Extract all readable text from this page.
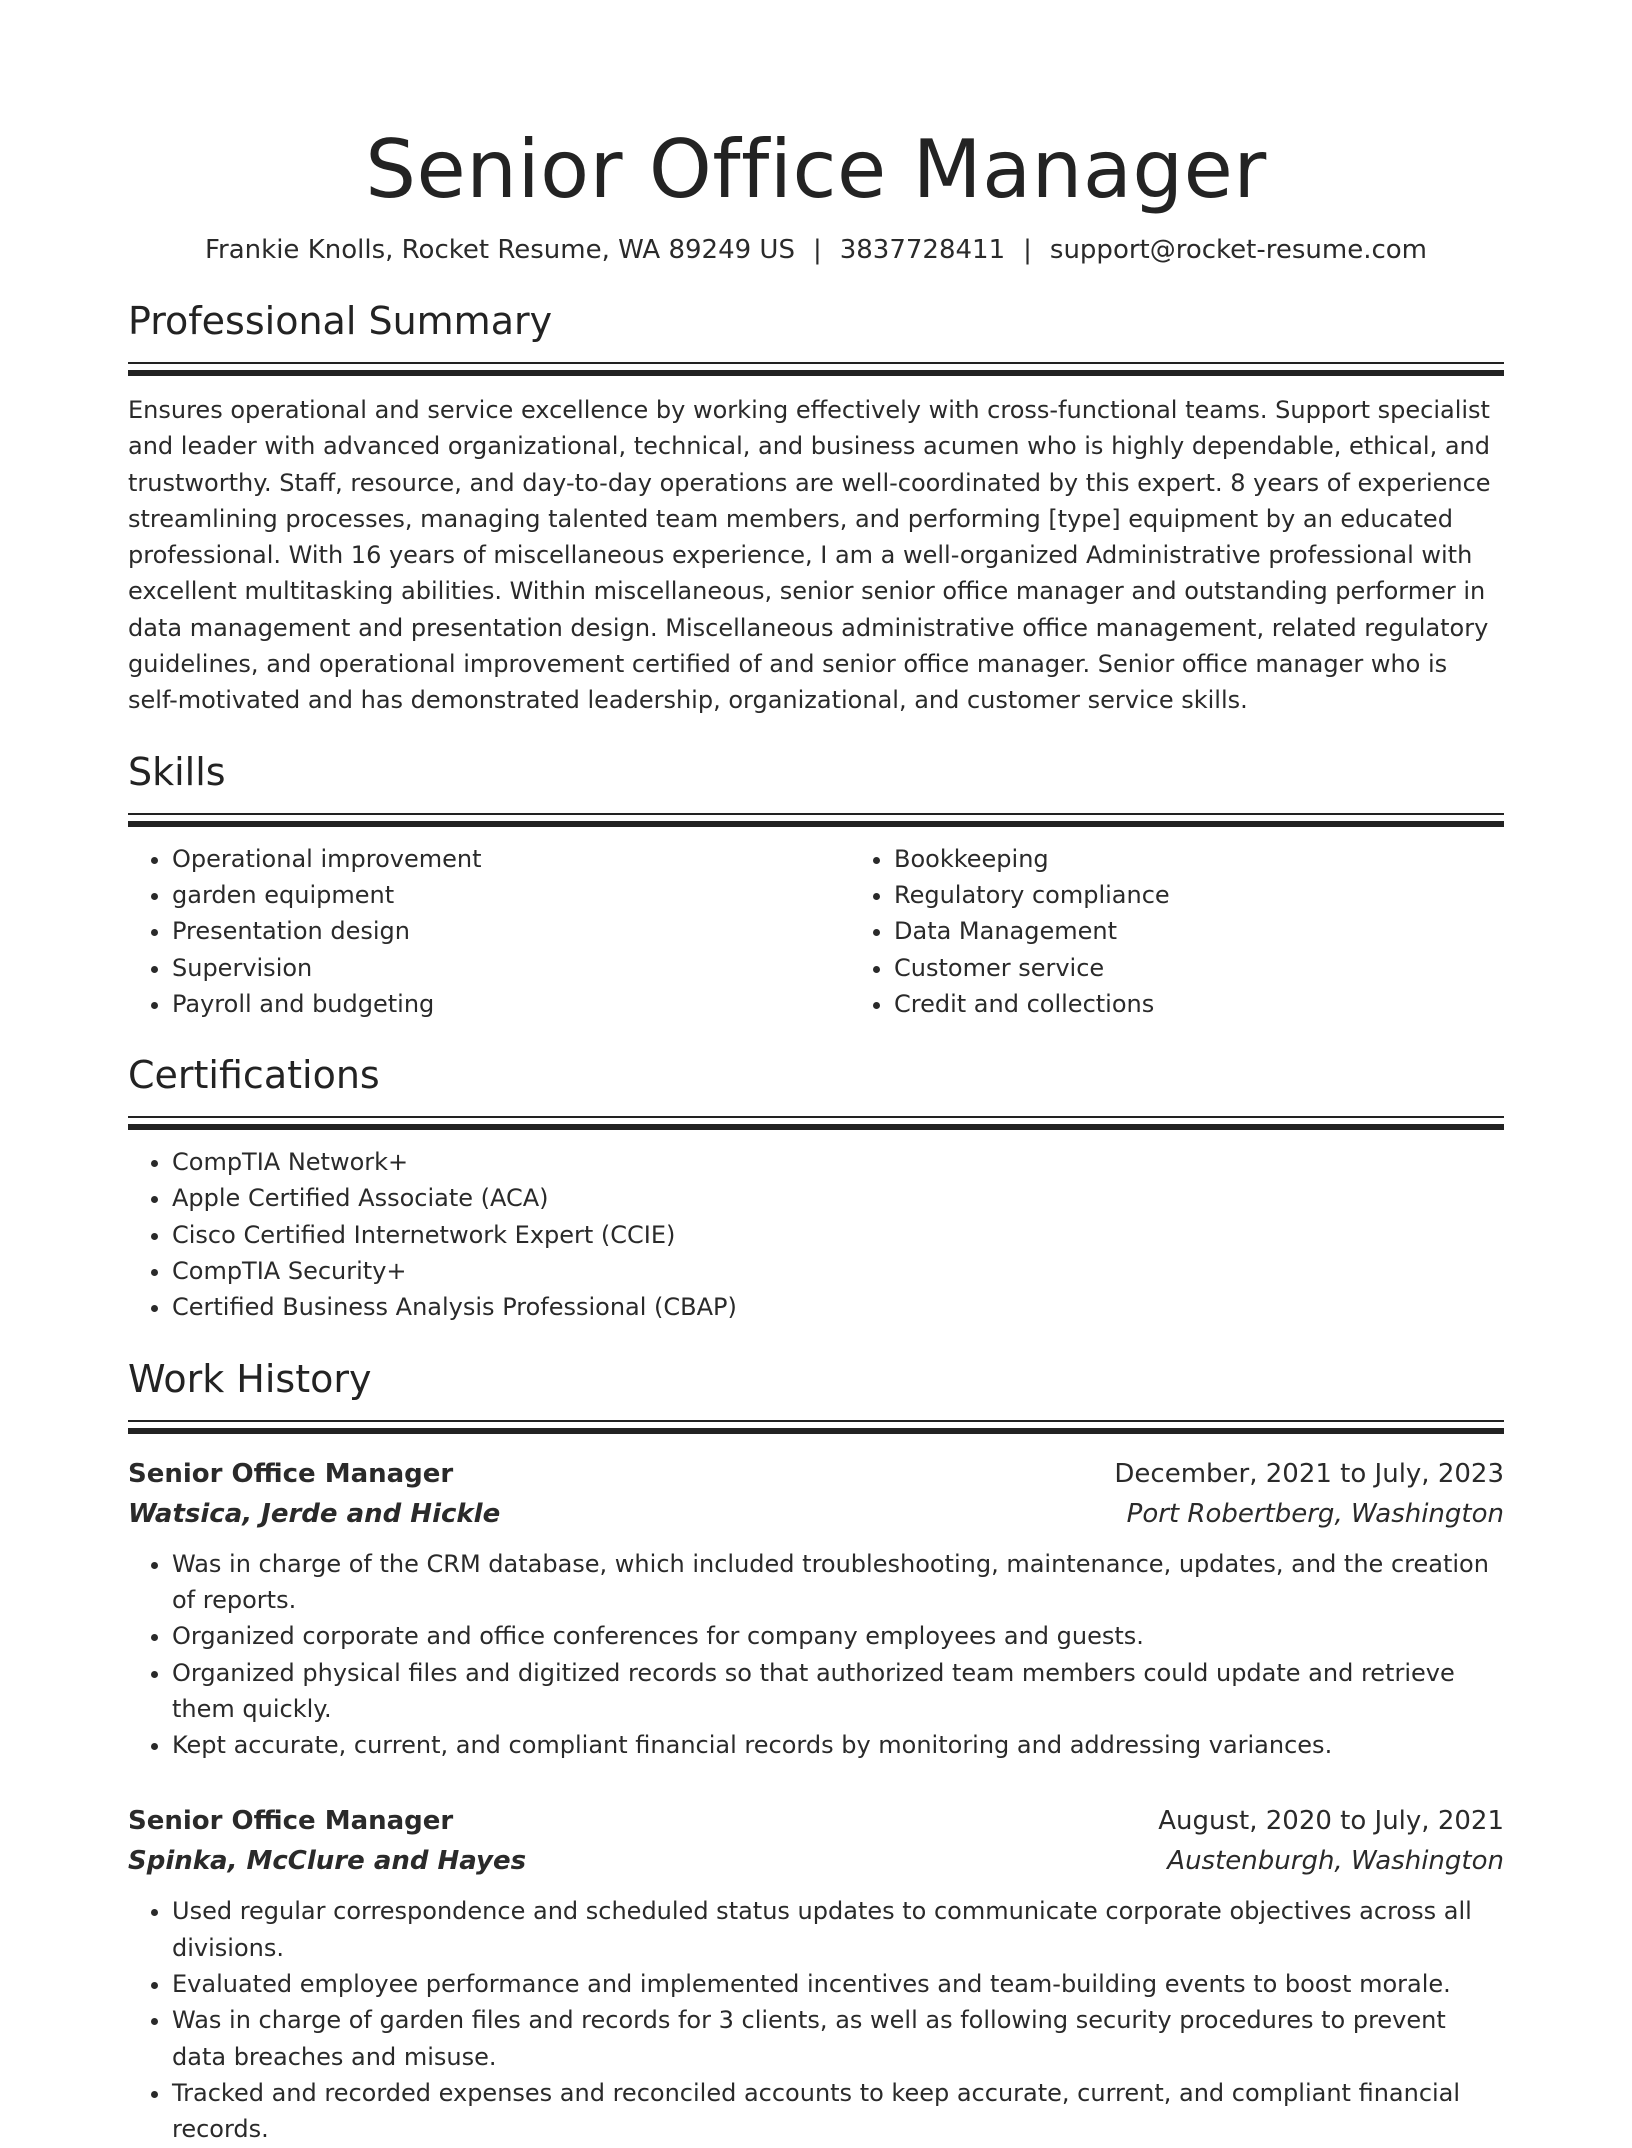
Senior Office Manager
Frankie Knolls, Rocket Resume, WA 89249 US | 3837728411 | support@rocket-resume.com
Professional Summary

Ensures operational and service excellence by working effectively with cross-functional teams. Support specialist and leader with advanced organizational, technical, and business acumen who is highly dependable, ethical, and trustworthy. Staff, resource, and day-to-day operations are well-coordinated by this expert. 8 years of experience streamlining processes, managing talented team members, and performing [type] equipment by an educated professional. With 16 years of miscellaneous experience, I am a well-organized Administrative professional with excellent multitasking abilities. Within miscellaneous, senior senior office manager and outstanding performer in data management and presentation design. Miscellaneous administrative office management, related regulatory guidelines, and operational improvement certified of and senior office manager. Senior office manager who is self-motivated and has demonstrated leadership, organizational, and customer service skills.

Skills
• Operational improvement
• garden equipment
• Presentation design
• Supervision
• Payroll and budgeting
• Bookkeeping
• Regulatory compliance
• Data Management
• Customer service
• Credit and collections
Certifications
• CompTIA Network+
• Apple Certified Associate (ACA)
• Cisco Certified Internetwork Expert (CCIE)
• CompTIA Security+
• Certified Business Analysis Professional (CBAP)
Work History
Senior Office Manager	December, 2021 to July, 2023
Watsica, Jerde and Hickle	Port Robertberg, Washington
• Was in charge of the CRM database, which included troubleshooting, maintenance, updates, and the creation of reports.
• Organized corporate and office conferences for company employees and guests.
• Organized physical files and digitized records so that authorized team members could update and retrieve them quickly.
• Kept accurate, current, and compliant financial records by monitoring and addressing variances.
Senior Office Manager	August, 2020 to July, 2021
Spinka, McClure and Hayes	Austenburgh, Washington
• Used regular correspondence and scheduled status updates to communicate corporate objectives across all divisions.
• Evaluated employee performance and implemented incentives and team-building events to boost morale.
• Was in charge of garden files and records for 3 clients, as well as following security procedures to prevent data breaches and misuse.
• Tracked and recorded expenses and reconciled accounts to keep accurate, current, and compliant financial records.
